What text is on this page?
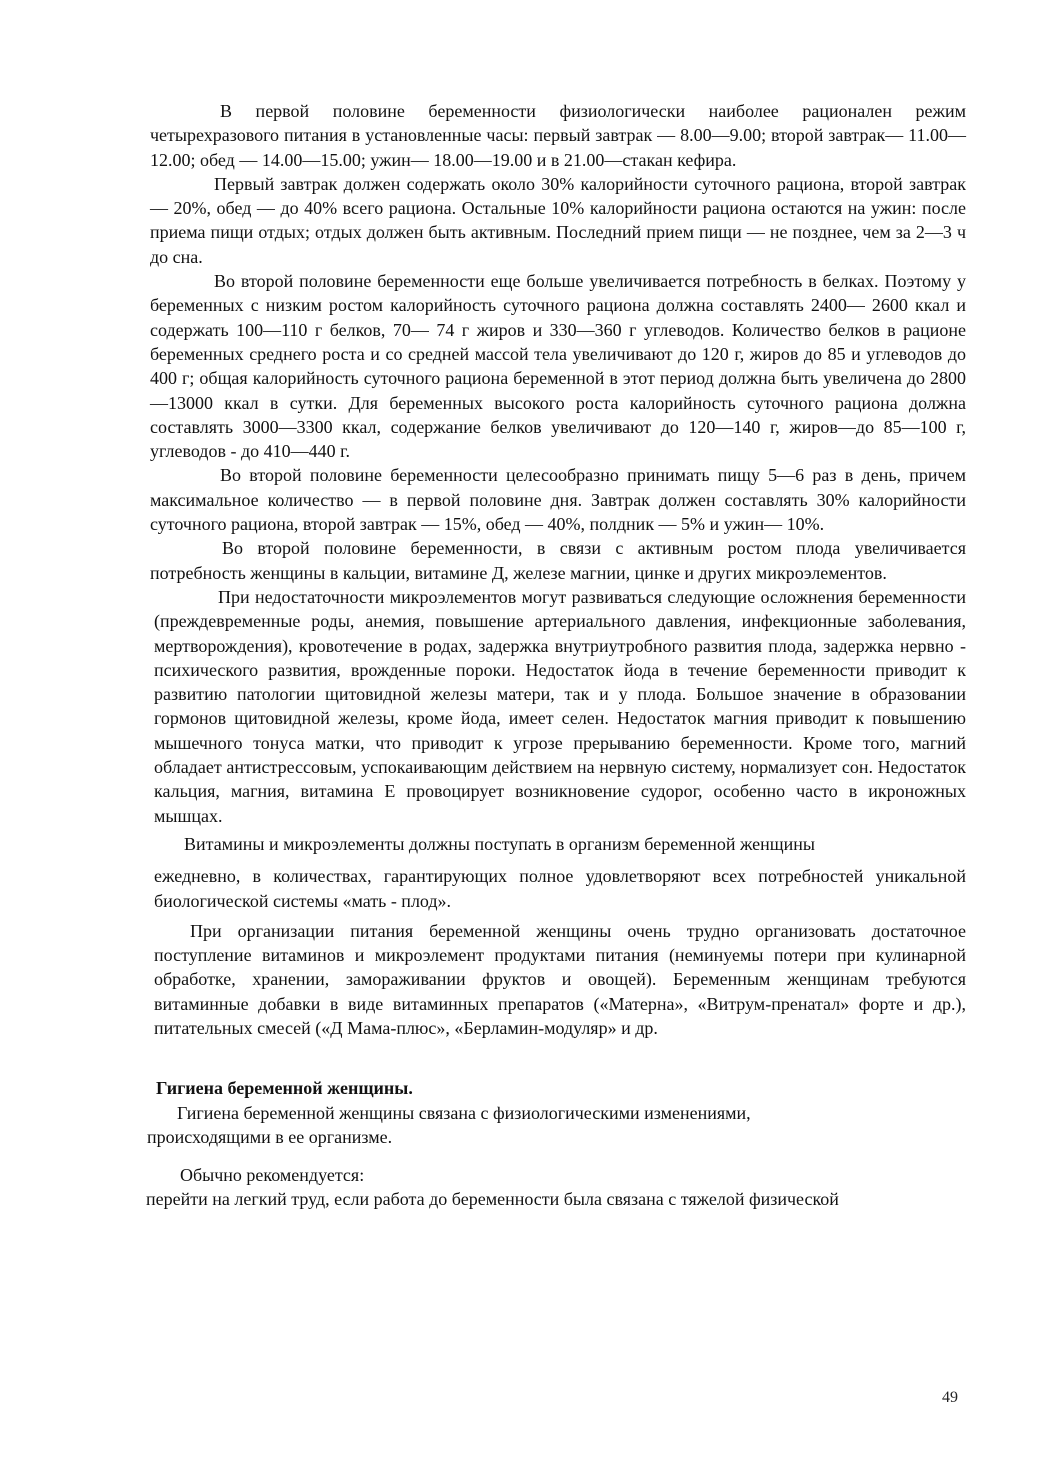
В первой половине беременности физиологически наиболее рационален режим четырехразового питания в установленные часы: первый завтрак — 8.00—9.00; второй завтрак— 11.00—12.00; обед — 14.00—15.00; ужин— 18.00—19.00 и в 21.00—стакан кефира.

Первый завтрак должен содержать около 30% калорийности суточного рациона, второй завтрак — 20%, обед — до 40% всего рациона. Остальные 10% калорийности рациона остаются на ужин: после приема пищи отдых; отдых должен быть активным. Последний прием пищи — не позднее, чем за 2—3 ч до сна.

Во второй половине беременности еще больше увеличивается потребность в белках. Поэтому у беременных с низким ростом калорийность суточного рациона должна составлять 2400— 2600 ккал и содержать 100—110 г белков, 70— 74 г жиров и 330—360 г углеводов. Количество белков в рационе беременных среднего роста и со средней массой тела увеличивают до 120 г, жиров до 85 и углеводов до 400 г; общая калорийность суточного рациона беременной в этот период должна быть увеличена до 2800—13000 ккал в сутки. Для беременных высокого роста калорийность суточного рациона должна составлять 3000—3300 ккал, содержание белков увеличивают до 120—140 г, жиров—до 85—100 г, углеводов - до 410—440 г.

Во второй половине беременности целесообразно принимать пищу 5—6 раз в день, причем максимальное количество — в первой половине дня. Завтрак должен составлять 30% калорийности суточного рациона, второй завтрак — 15%, обед — 40%, полдник — 5% и ужин— 10%.

Во второй половине беременности, в связи с активным ростом плода увеличивается потребность женщины в кальции, витамине Д, железе магнии, цинке и других микроэлементов.

При недостаточности микроэлементов могут развиваться следующие осложнения беременности (преждевременные роды, анемия, повышение артериального давления, инфекционные заболевания, мертворождения), кровотечение в родах, задержка внутриутробного развития плода, задержка нервно - психического развития, врожденные пороки. Недостаток йода в течение беременности приводит к развитию патологии щитовидной железы матери, так и у плода. Большое значение в образовании гормонов щитовидной железы, кроме йода, имеет селен. Недостаток магния приводит к повышению мышечного тонуса матки, что приводит к угрозе прерыванию беременности. Кроме того, магний обладает антистрессовым, успокаивающим действием на нервную систему, нормализует сон. Недостаток кальция, магния, витамина Е провоцирует возникновение судорог, особенно часто в икроножных мышцах.

Витамины и микроэлементы должны поступать в организм беременной женщины

ежедневно, в количествах, гарантирующих полное удовлетворяют всех потребностей уникальной биологической системы «мать - плод».

При организации питания беременной женщины очень трудно организовать достаточное поступление витаминов и микроэлемент продуктами питания (неминуемы потери при кулинарной обработке, хранении, замораживании фруктов и овощей). Беременным женщинам требуются витаминные добавки в виде витаминных препаратов («Матерна», «Витрум-пренатал» форте и др.), питательных смесей («Д Мама-плюс», «Берламин-модуляр» и др.

Гигиена беременной женщины.

Гигиена беременной женщины связана с физиологическими изменениями,

происходящими в ее организме.

Обычно рекомендуется:

перейти на легкий труд, если работа до беременности была связана с тяжелой физической

49
